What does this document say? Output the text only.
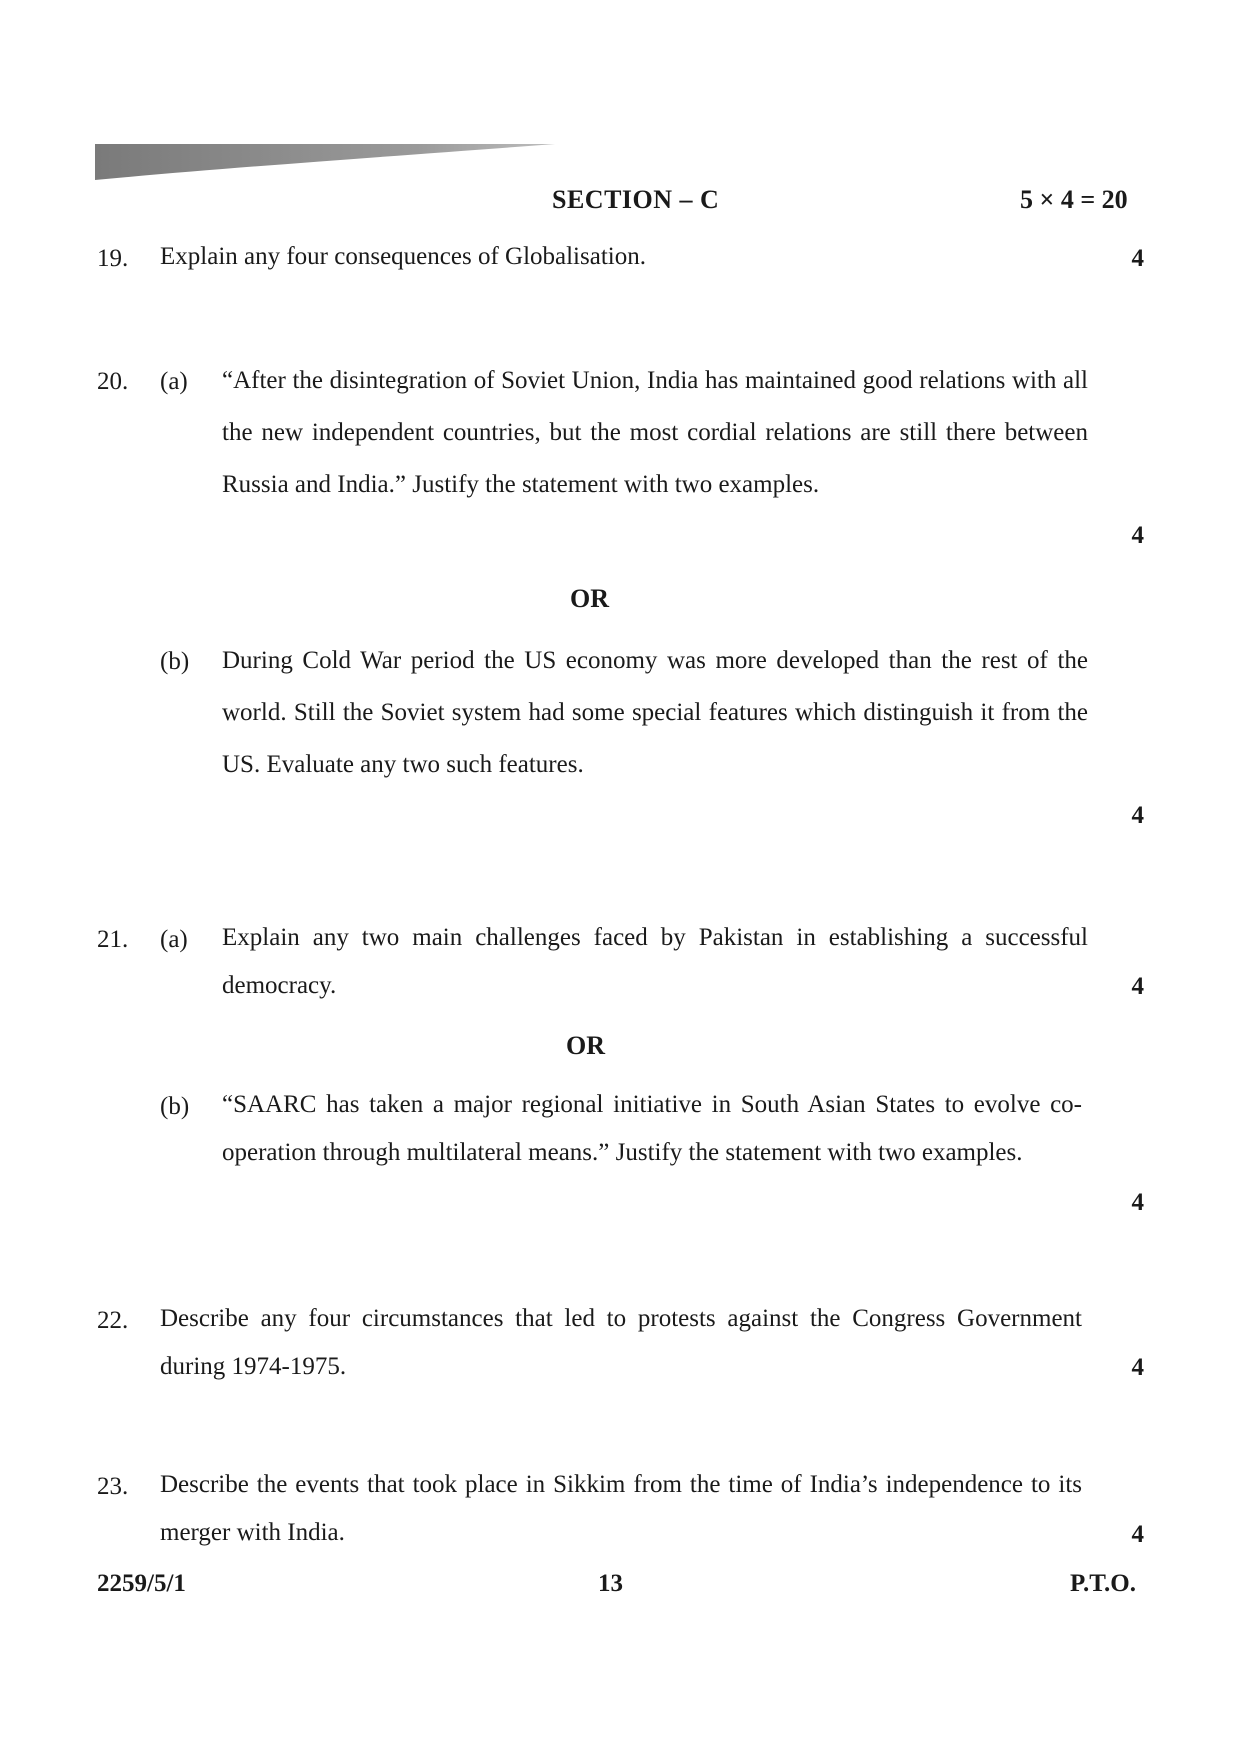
SECTION – C	5 × 4 = 20
19. Explain any four consequences of Globalisation.	4
20. (a) “After the disintegration of Soviet Union, India has maintained good relations with all the new independent countries, but the most cordial relations are still there between Russia and India.” Justify the statement with two examples.
4
OR
(b) During Cold War period the US economy was more developed than the rest of the world. Still the Soviet system had some special features which distinguish it from the US. Evaluate any two such features.
4
21. (a) Explain any two main challenges faced by Pakistan in establishing a successful democracy.	4
OR
(b) “SAARC has taken a major regional initiative in South Asian States to evolve co-operation through multilateral means.” Justify the statement with two examples.
4
22. Describe any four circumstances that led to protests against the Congress Government during 1974-1975.	4
23. Describe the events that took place in Sikkim from the time of India’s independence to its merger with India.	4
2259/5/1	13	P.T.O.
